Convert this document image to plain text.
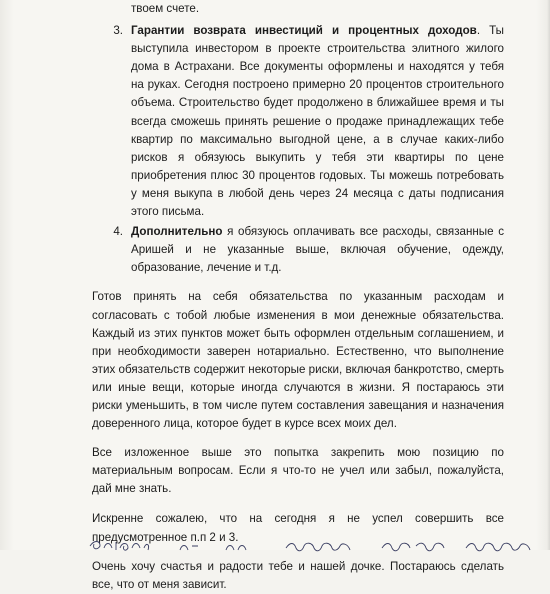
твоем счете.

3. Гарантии возврата инвестиций и процентных доходов. Ты выступила инвестором в проекте строительства элитного жилого дома в Астрахани. Все документы оформлены и находятся у тебя на руках. Сегодня построено примерно 20 процентов строительного объема. Строительство будет продолжено в ближайшее время и ты всегда сможешь принять решение о продаже принадлежащих тебе квартир по максимально выгодной цене, а в случае каких-либо рисков я обязуюсь выкупить у тебя эти квартиры по цене приобретения плюс 30 процентов годовых. Ты можешь потребовать у меня выкупа в любой день через 24 месяца с даты подписания этого письма.
4. Дополнительно я обязуюсь оплачивать все расходы, связанные с Аришей и не указанные выше, включая обучение, одежду, образование, лечение и т.д.

Готов принять на себя обязательства по указанным расходам и согласовать с тобой любые изменения в мои денежные обязательства. Каждый из этих пунктов может быть оформлен отдельным соглашением, и при необходимости заверен нотариально. Естественно, что выполнение этих обязательств содержит некоторые риски, включая банкротство, смерть или иные вещи, которые иногда случаются в жизни. Я постараюсь эти риски уменьшить, в том числе путем составления завещания и назначения доверенного лица, которое будет в курсе всех моих дел.

Все изложенное выше это попытка закрепить мою позицию по материальным вопросам. Если я что-то не учел или забыл, пожалуйста, дай мне знать.

Искренне сожалею, что на сегодня я не успел совершить все предусмотренное п.п 2 и 3.

Очень хочу счастья и радости тебе и нашей дочке. Постараюсь сделать все, что от меня зависит.
